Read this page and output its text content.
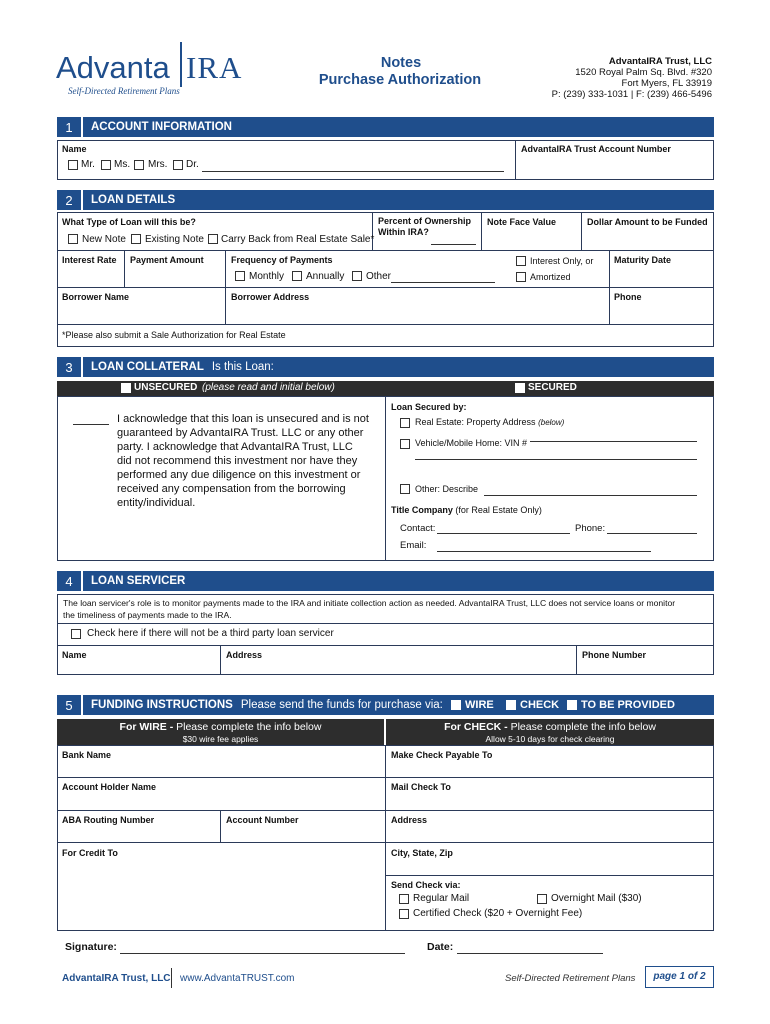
Advanta IRA
Self-Directed Retirement Plans
Notes
Purchase Authorization
AdvantaIRA Trust, LLC
1520 Royal Palm Sq. Blvd. #320
Fort Myers, FL 33919
P: (239) 333-1031 | F: (239) 466-5496
1	ACCOUNT INFORMATION
Name	AdvantaIRA Trust Account Number
Mr. Ms. Mrs. Dr.
2	LOAN DETAILS
What Type of Loan will this be?
New Note Existing Note Carry Back from Real Estate Sale*
Percent of Ownership
Within IRA?
Note Face Value	Dollar Amount to be Funded
Interest Rate Payment Amount	Frequency of Payments
Monthly Annually Other
Interest Only, or
Amortized
Maturity Date
Borrower Name	Borrower Address	Phone
*Please also submit a Sale Authorization for Real Estate
3	LOAN COLLATERAL Is this Loan:
UNSECURED (please read and initial below)	SECURED
I acknowledge that this loan is unsecured and is not
guaranteed by AdvantaIRA Trust. LLC or any other
party. I acknowledge that AdvantaIRA Trust, LLC
did not recommend this investment nor have they
performed any due diligence on this investment or
received any compensation from the borrowing
entity/individual.
Loan Secured by:
Real Estate: Property Address (below)
Vehicle/Mobile Home: VIN #
Other: Describe
Title Company (for Real Estate Only)
Contact:	Phone:
Email:
4	LOAN SERVICER
The loan servicer's role is to monitor payments made to the IRA and initiate collection action as needed. AdvantaIRA Trust, LLC does not service loans or monitor
the timeliness of payments made to the IRA.
Check here if there will not be a third party loan servicer
Name	Address	Phone Number
5	FUNDING INSTRUCTIONS Please send the funds for purchase via: WIRE CHECK TO BE PROVIDED
For WIRE - Please complete the info below
$30 wire fee applies
For CHECK - Please complete the info below
Allow 5-10 days for check clearing
Bank Name
Account Holder Name
ABA Routing Number	Account Number
For Credit To
Make Check Payable To
Mail Check To
Address
City, State, Zip
Send Check via:
Regular Mail	Overnight Mail ($30)
Certified Check ($20 + Overnight Fee)
Signature:	Date:
AdvantaIRA Trust, LLC www.AdvantaTRUST.com	Self-Directed Retirement Plans	page 1 of 2
